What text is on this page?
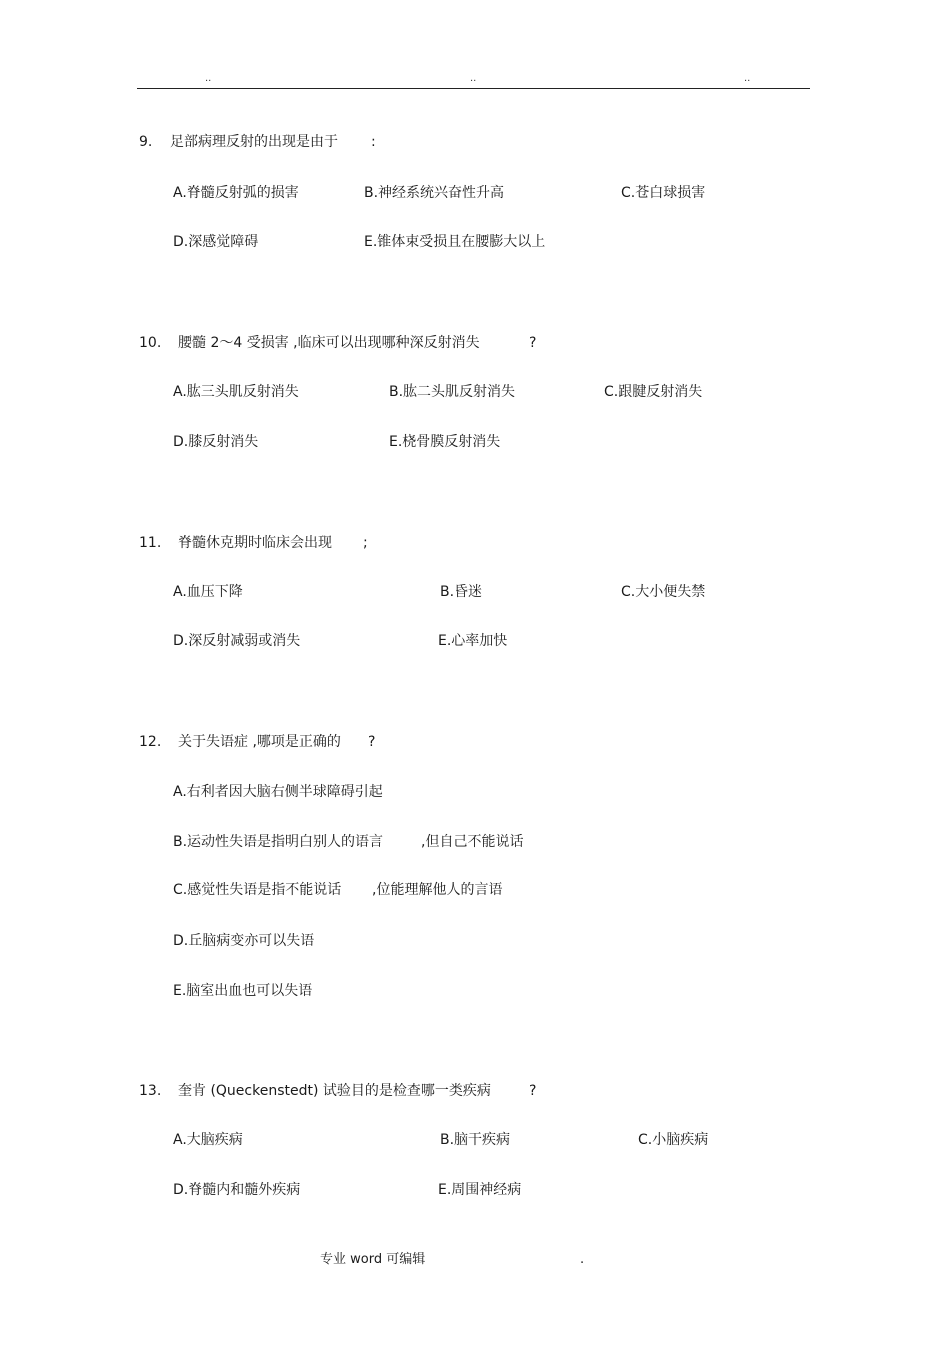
..	..	..
9. 足部病理反射的出现是由于 :
A.脊髓反射弧的损害	B.神经系统兴奋性升高	C.苍白球损害
D.深感觉障碍	E.锥体束受损且在腰膨大以上
10. 腰髓 2～4 受损害 ,临床可以出现哪种深反射消失	?
A.肱三头肌反射消失	B.肱二头肌反射消失	C.跟腱反射消失
D.膝反射消失	E.桡骨膜反射消失
11. 脊髓休克期时临床会出现 ;
A.血压下降	B.昏迷	C.大小便失禁
D.深反射减弱或消失	E.心率加快
12. 关于失语症 ,哪项是正确的 ?
A.右利者因大脑右侧半球障碍引起
B.运动性失语是指明白别人的语言	,但自己不能说话
C.感觉性失语是指不能说话 ,位能理解他人的言语
D.丘脑病变亦可以失语
E.脑室出血也可以失语
13. 奎肯 (Queckenstedt) 试验目的是检查哪一类疾病	?
A.大脑疾病	B.脑干疾病	C.小脑疾病
D.脊髓内和髓外疾病	E.周围神经病
专业 word 可编辑	.
